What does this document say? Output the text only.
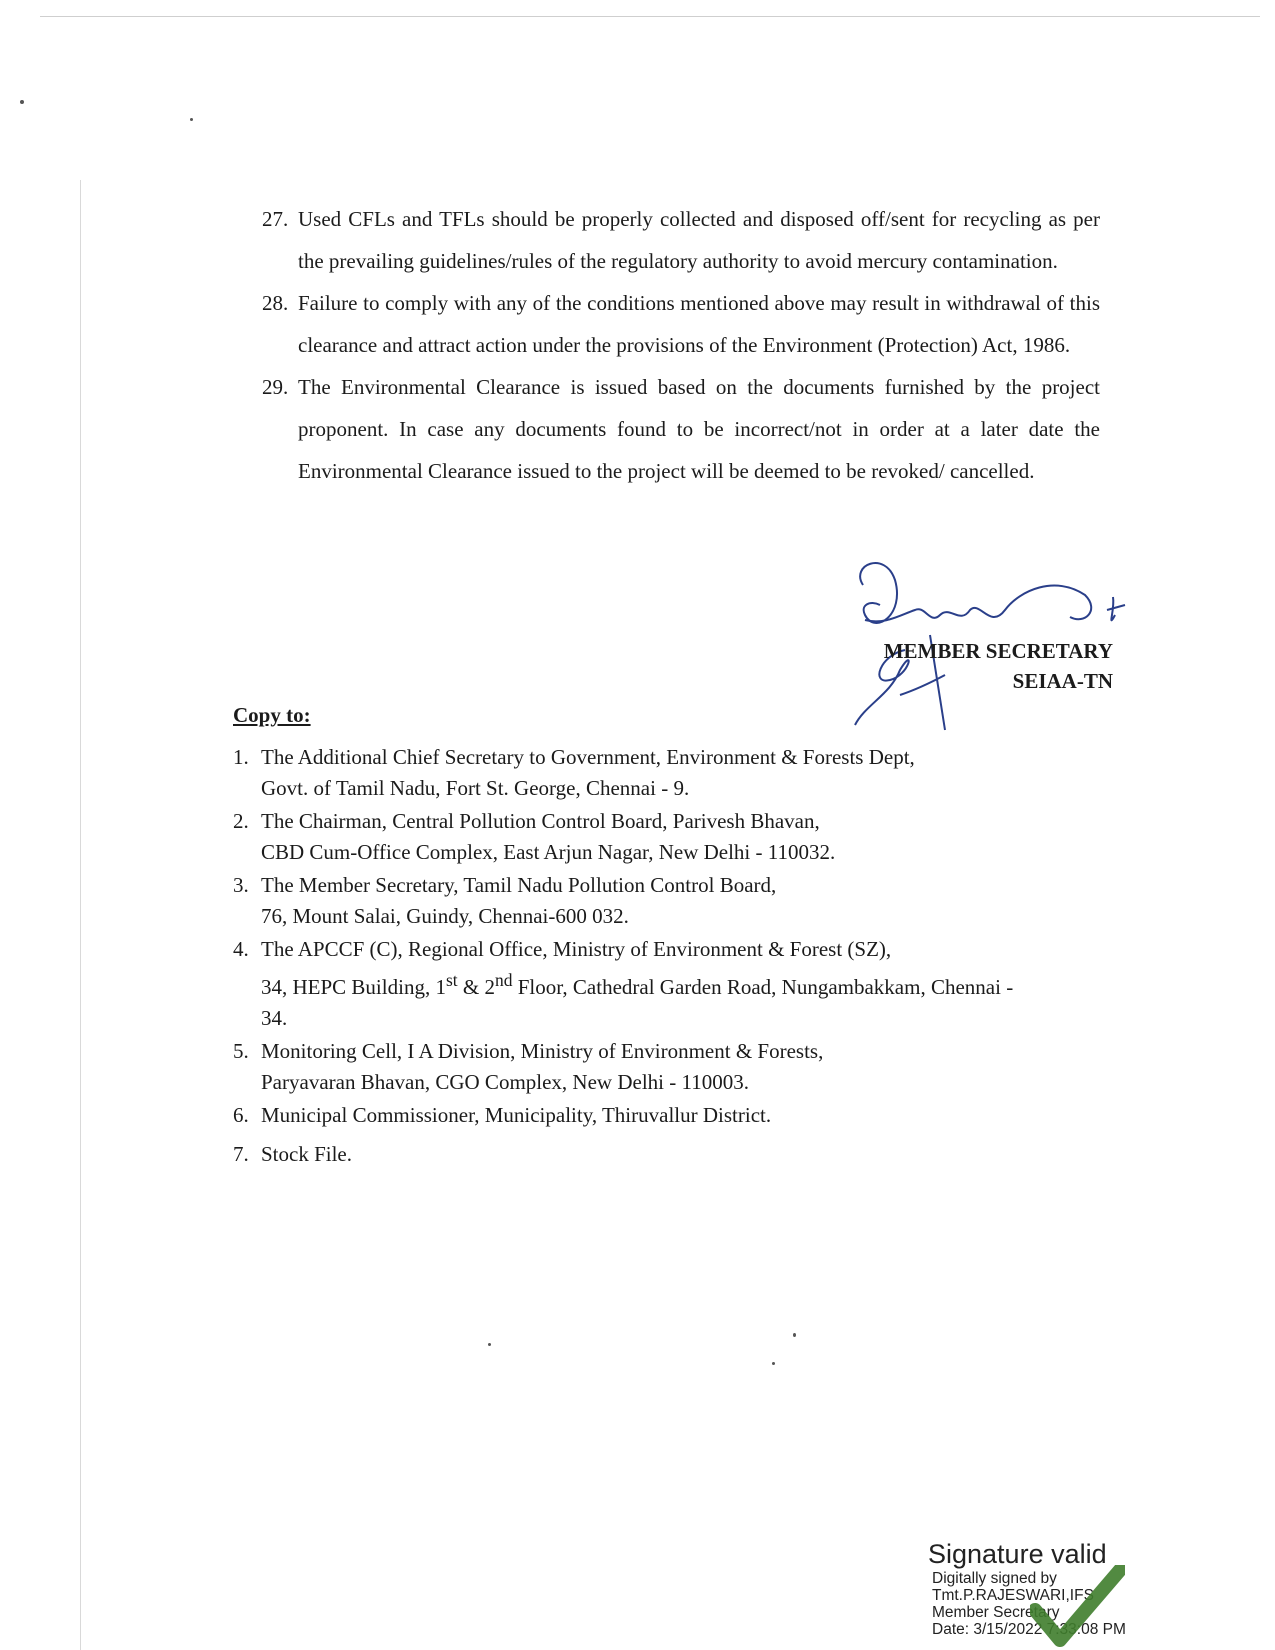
27. Used CFLs and TFLs should be properly collected and disposed off/sent for recycling as per the prevailing guidelines/rules of the regulatory authority to avoid mercury contamination.
28. Failure to comply with any of the conditions mentioned above may result in withdrawal of this clearance and attract action under the provisions of the Environment (Protection) Act, 1986.
29. The Environmental Clearance is issued based on the documents furnished by the project proponent. In case any documents found to be incorrect/not in order at a later date the Environmental Clearance issued to the project will be deemed to be revoked/ cancelled.
MEMBER SECRETARY
SEIAA-TN
Copy to:
1. The Additional Chief Secretary to Government, Environment & Forests Dept,
Govt. of Tamil Nadu, Fort St. George, Chennai - 9.
2. The Chairman, Central Pollution Control Board, Parivesh Bhavan,
CBD Cum-Office Complex, East Arjun Nagar, New Delhi - 110032.
3. The Member Secretary, Tamil Nadu Pollution Control Board,
76, Mount Salai, Guindy, Chennai-600 032.
4. The APCCF (C), Regional Office, Ministry of Environment & Forest (SZ),
34, HEPC Building, 1st & 2nd Floor, Cathedral Garden Road, Nungambakkam, Chennai -
34.
5. Monitoring Cell, I A Division, Ministry of Environment & Forests,
Paryavaran Bhavan, CGO Complex, New Delhi - 110003.
6. Municipal Commissioner, Municipality, Thiruvallur District.
7. Stock File.
Signature valid
Digitally signed by
Tmt.P.RAJESWARI,IFS
Member Secretary
Date: 3/15/2022 7:33:08 PM
